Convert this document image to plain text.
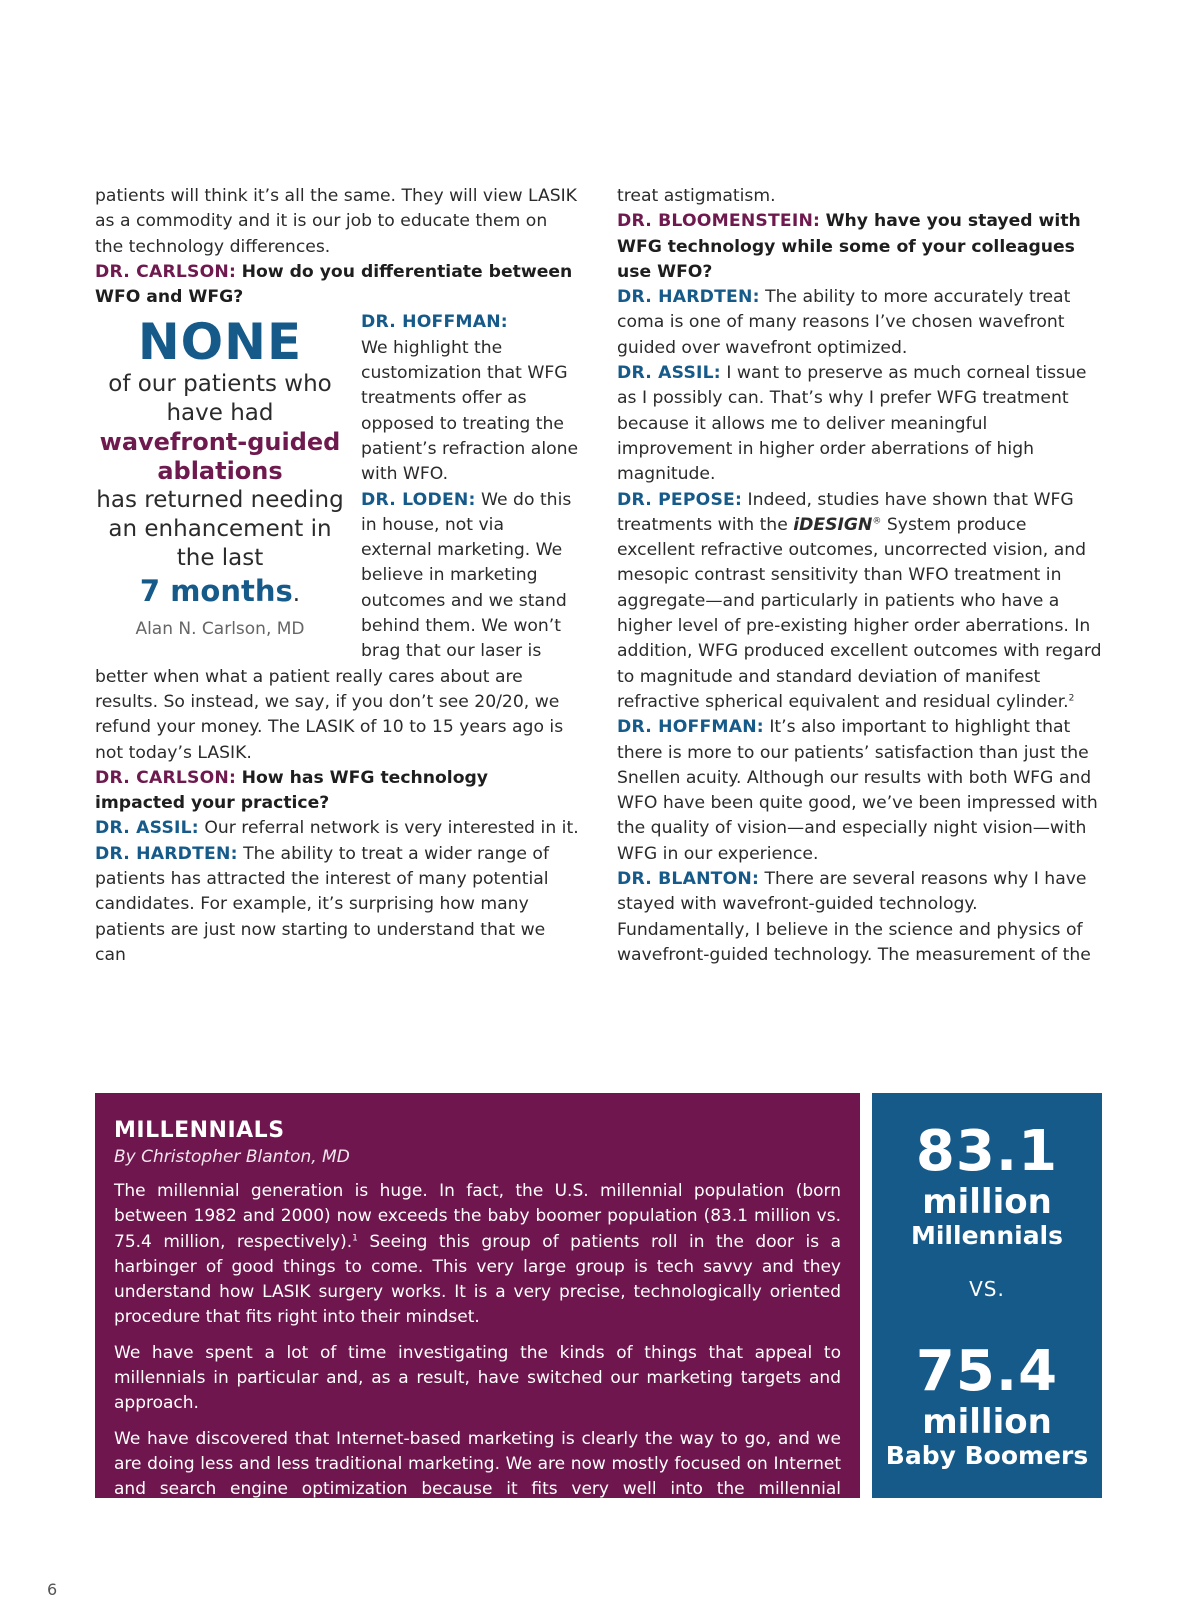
patients will think it’s all the same. They will view LASIK as a commodity and it is our job to educate them on the technology differences.

DR. CARLSON: How do you differentiate between WFO and WFG?

NONE
of our patients who have had
wavefront-guided ablations
has returned needing an enhancement in the last
7 months.
Alan N. Carlson, MD

DR. HOFFMAN:
We highlight the customization that WFG treatments offer as opposed to treating the patient’s refraction alone with WFO.

DR. LODEN: We do this in house, not via external marketing. We believe in marketing outcomes and we stand behind them. We won’t brag that our laser is better when what a patient really cares about are results. So instead, we say, if you don’t see 20/20, we refund your money. The LASIK of 10 to 15 years ago is not today’s LASIK.

DR. CARLSON: How has WFG technology impacted your practice?

DR. ASSIL: Our referral network is very interested in it.

DR. HARDTEN: The ability to treat a wider range of patients has attracted the interest of many potential candidates. For example, it’s surprising how many patients are just now starting to understand that we can

treat astigmatism.

DR. BLOOMENSTEIN: Why have you stayed with WFG technology while some of your colleagues use WFO?

DR. HARDTEN: The ability to more accurately treat coma is one of many reasons I’ve chosen wavefront guided over wavefront optimized.

DR. ASSIL: I want to preserve as much corneal tissue as I possibly can. That’s why I prefer WFG treatment because it allows me to deliver meaningful improvement in higher order aberrations of high magnitude.

DR. PEPOSE: Indeed, studies have shown that WFG treatments with the iDESIGN® System produce excellent refractive outcomes, uncorrected vision, and mesopic contrast sensitivity than WFO treatment in aggregate—and particularly in patients who have a higher level of pre-existing higher order aberrations. In addition, WFG produced excellent outcomes with regard to magnitude and standard deviation of manifest refractive spherical equivalent and residual cylinder.$^2$

DR. HOFFMAN: It’s also important to highlight that there is more to our patients’ satisfaction than just the Snellen acuity. Although our results with both WFG and WFO have been quite good, we’ve been impressed with the quality of vision—and especially night vision—with WFG in our experience.

DR. BLANTON: There are several reasons why I have stayed with wavefront-guided technology. Fundamentally, I believe in the science and physics of wavefront-guided technology. The measurement of the

MILLENNIALS
By Christopher Blanton, MD

The millennial generation is huge. In fact, the U.S. millennial population (born between 1982 and 2000) now exceeds the baby boomer population (83.1 million vs. 75.4 million, respectively).$^1$ Seeing this group of patients roll in the door is a harbinger of good things to come. This very large group is tech savvy and they understand how LASIK surgery works. It is a very precise, technologically oriented procedure that fits right into their mindset.

We have spent a lot of time investigating the kinds of things that appeal to millennials in particular and, as a result, have switched our marketing targets and approach.

We have discovered that Internet-based marketing is clearly the way to go, and we are doing less and less traditional marketing. We are now mostly focused on Internet and search engine optimization because it fits very well into the millennial demographic.

83.1
million
Millennials
VS.
75.4
million
Baby Boomers
6
